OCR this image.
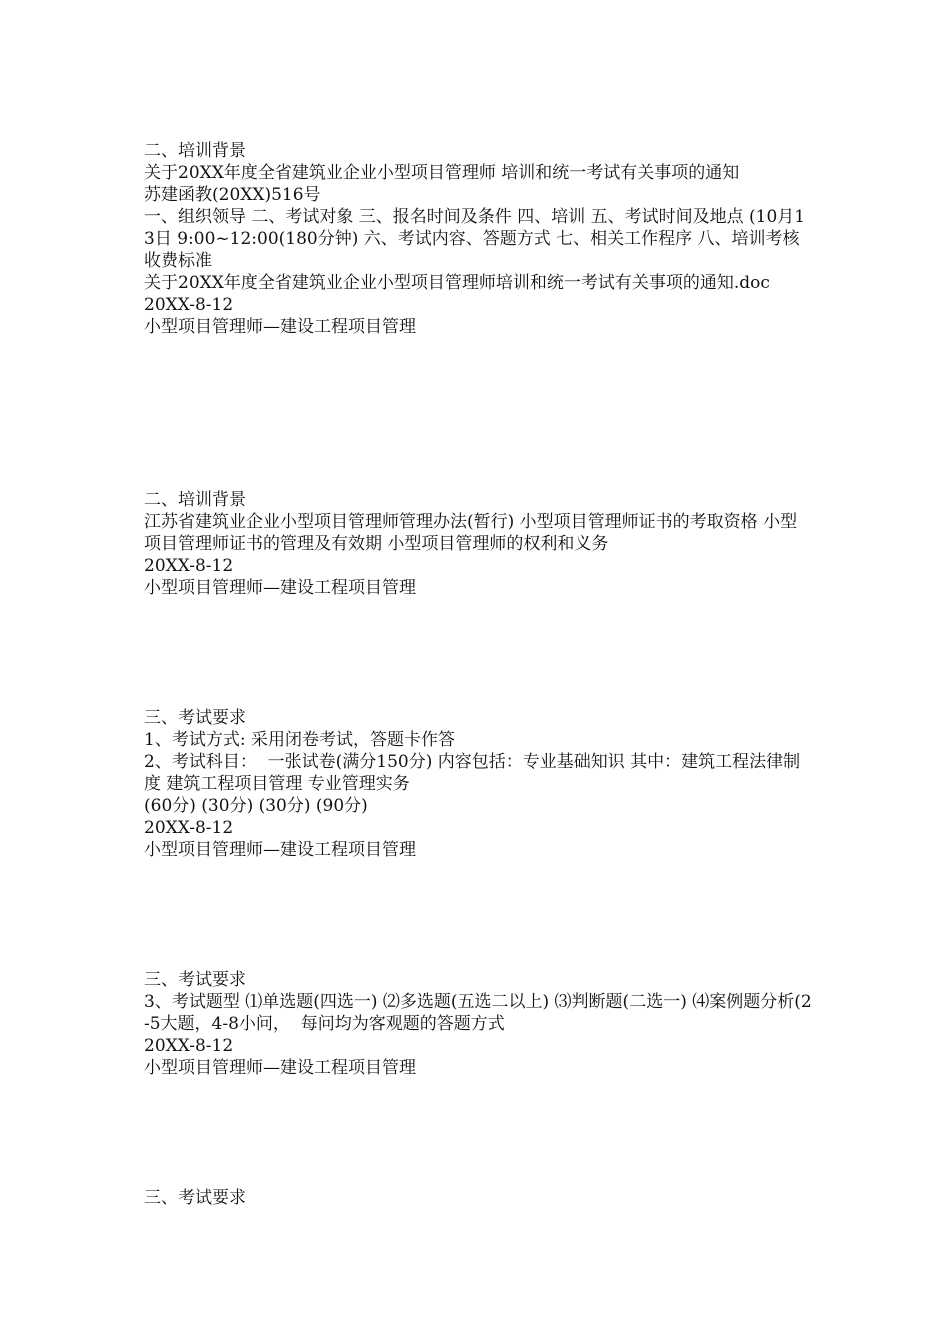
二、培训背景
关于20XX年度全省建筑业企业小型项目管理师 培训和统一考试有关事项的通知
苏建函教(20XX)516号
一、组织领导 二、考试对象 三、报名时间及条件 四、培训 五、考试时间及地点 (10月13日 9:00~12:00(180分钟) 六、考试内容、答题方式 七、相关工作程序 八、培训考核收费标准
关于20XX年度全省建筑业企业小型项目管理师培训和统一考试有关事项的通知.doc
20XX-8-12
小型项目管理师—建设工程项目管理
二、培训背景
江苏省建筑业企业小型项目管理师管理办法(暂行) 小型项目管理师证书的考取资格 小型项目管理师证书的管理及有效期 小型项目管理师的权利和义务
20XX-8-12
小型项目管理师—建设工程项目管理
三、考试要求
1、考试方式: 采用闭卷考试，答题卡作答
2、考试科目：  一张试卷(满分150分) 内容包括：专业基础知识 其中：建筑工程法律制度 建筑工程项目管理 专业管理实务
(60分) (30分) (30分) (90分)
20XX-8-12
小型项目管理师—建设工程项目管理
三、考试要求
3、考试题型 ⑴单选题(四选一) ⑵多选题(五选二以上) ⑶判断题(二选一) ⑷案例题分析(2-5大题，4-8小问，  每问均为客观题的答题方式
20XX-8-12
小型项目管理师—建设工程项目管理
三、考试要求
